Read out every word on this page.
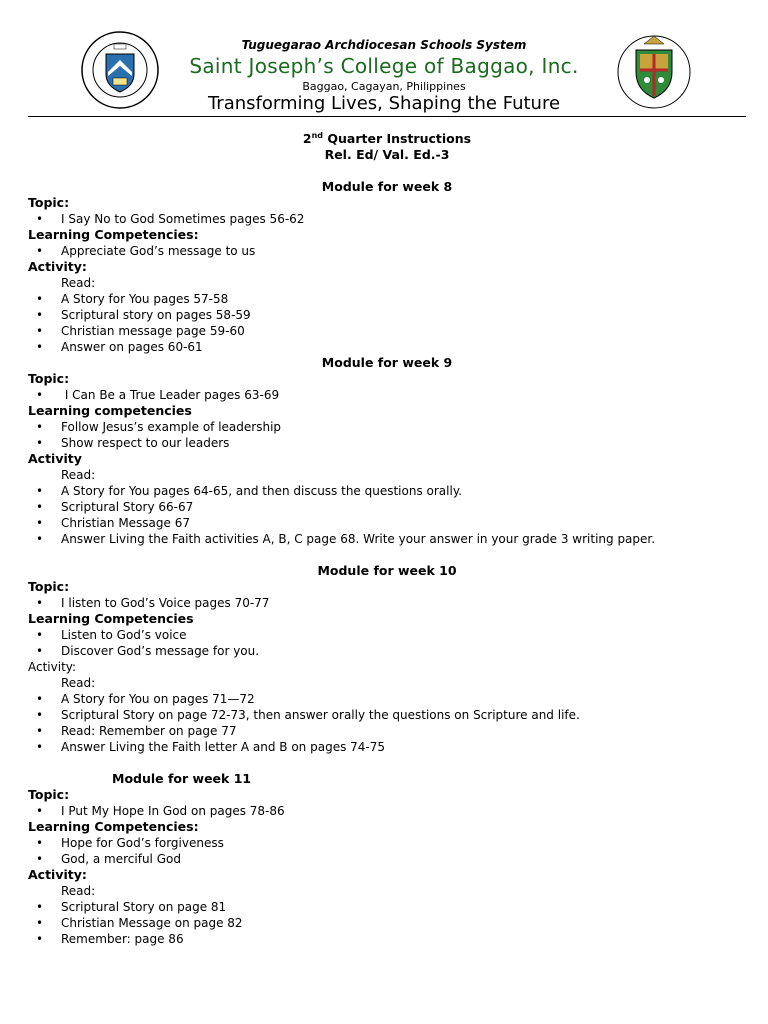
Tuguegarao Archdiocesan Schools System
Saint Joseph’s College of Baggao, Inc.
Baggao, Cagayan, Philippines
Transforming Lives, Shaping the Future
2nd Quarter Instructions
Rel. Ed/ Val. Ed.-3
Module for week 8
Topic:
• I Say No to God Sometimes pages 56-62
Learning Competencies:
• Appreciate God’s message to us
Activity:
Read:
• A Story for You pages 57-58
• Scriptural story on pages 58-59
• Christian message page 59-60
• Answer on pages 60-61
Module for week 9
Topic:
• I Can Be a True Leader pages 63-69
Learning competencies
• Follow Jesus’s example of leadership
• Show respect to our leaders
Activity
Read:
• A Story for You pages 64-65, and then discuss the questions orally.
• Scriptural Story 66-67
• Christian Message 67
• Answer Living the Faith activities A, B, C page 68. Write your answer in your grade 3 writing paper.
Module for week 10
Topic:
• I listen to God’s Voice pages 70-77
Learning Competencies
• Listen to God’s voice
• Discover God’s message for you.
Activity:
Read:
• A Story for You on pages 71—72
• Scriptural Story on page 72-73, then answer orally the questions on Scripture and life.
• Read: Remember on page 77
• Answer Living the Faith letter A and B on pages 74-75
Module for week 11
Topic:
• I Put My Hope In God on pages 78-86
Learning Competencies:
• Hope for God’s forgiveness
• God, a merciful God
Activity:
Read:
• Scriptural Story on page 81
• Christian Message on page 82
• Remember: page 86
